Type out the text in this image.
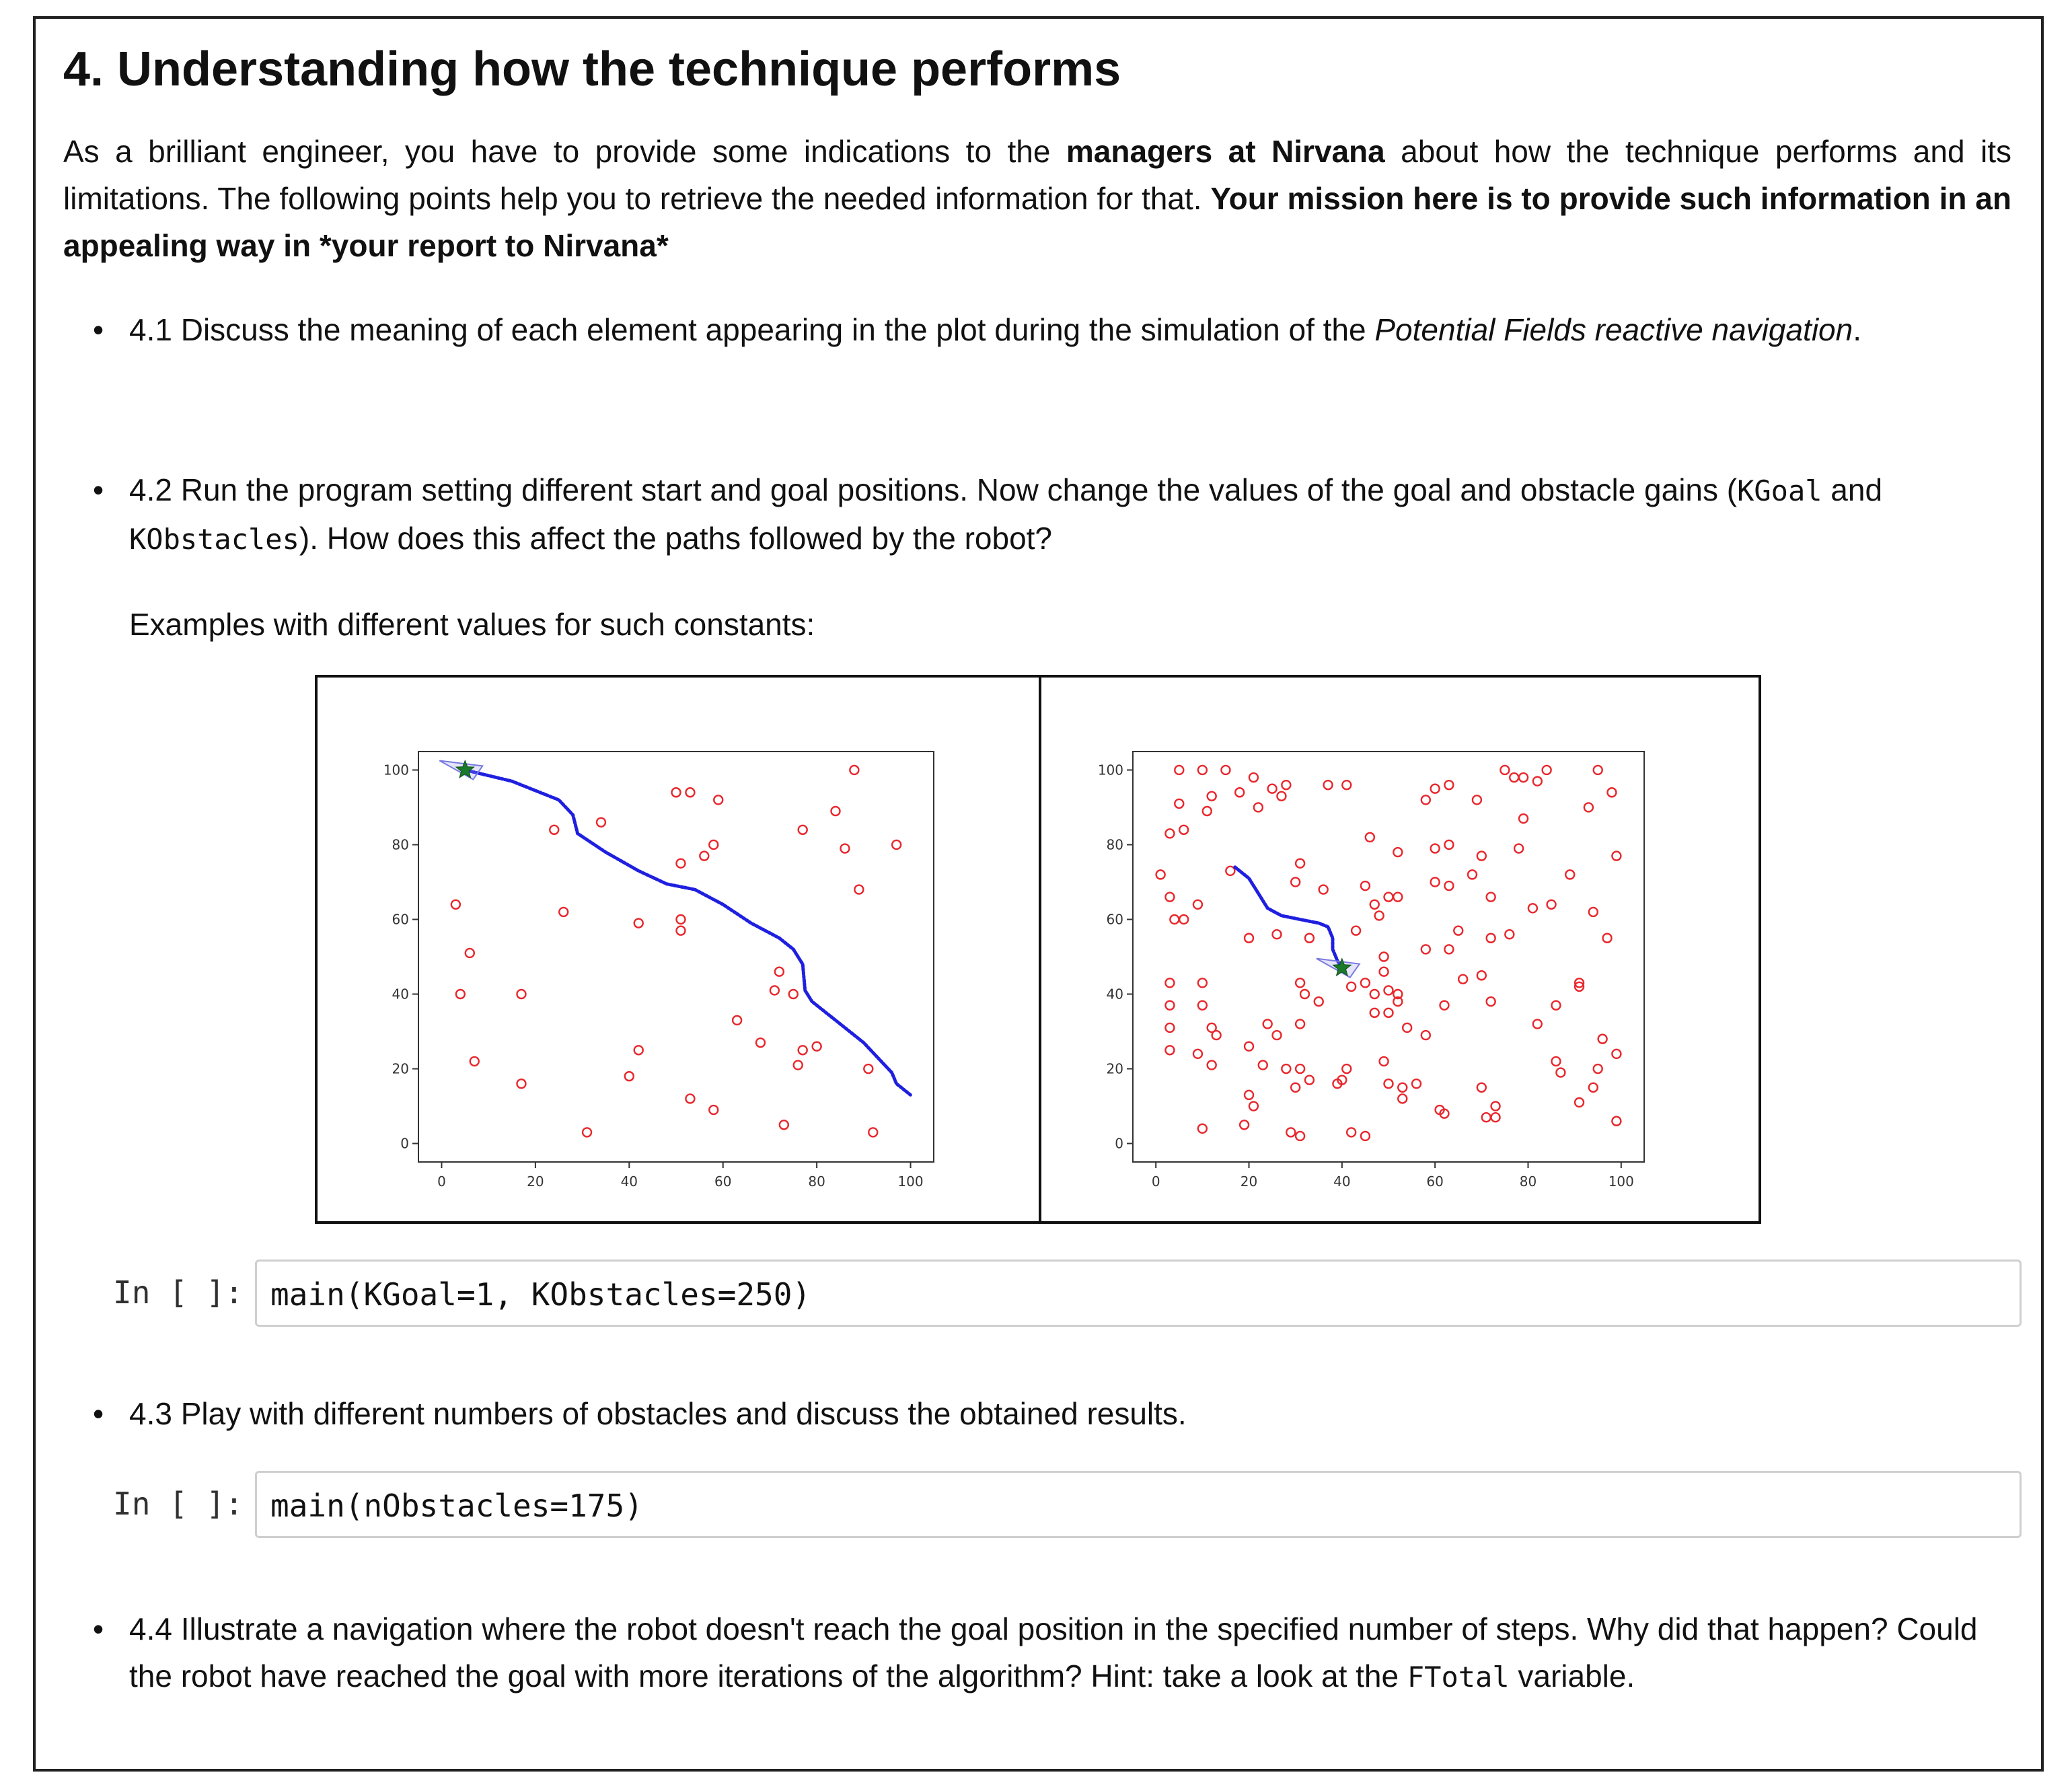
4. Understanding how the technique performs

As a brilliant engineer, you have to provide some indications to the managers at Nirvana about how the technique performs and its limitations. The following points help you to retrieve the needed information for that. Your mission here is to provide such information in an appealing way in *your report to Nirvana*

• 4.1 Discuss the meaning of each element appearing in the plot during the simulation of the Potential Fields reactive navigation.

• 4.2 Run the program setting different start and goal positions. Now change the values of the goal and obstacle gains (KGoal and KObstacles). How does this affect the paths followed by the robot?

Examples with different values for such constants:

0	20	40	60	80	100
0
20
40
60
80
100
0	20	40	60	80	100
0
20
40
60
80
100
In [ ]: main(KGoal=1, KObstacles=250)

• 4.3 Play with different numbers of obstacles and discuss the obtained results.

In [ ]: main(nObstacles=175)

• 4.4 Illustrate a navigation where the robot doesn't reach the goal position in the specified number of steps. Why did that happen? Could the robot have reached the goal with more iterations of the algorithm? Hint: take a look at the FTotal variable.
